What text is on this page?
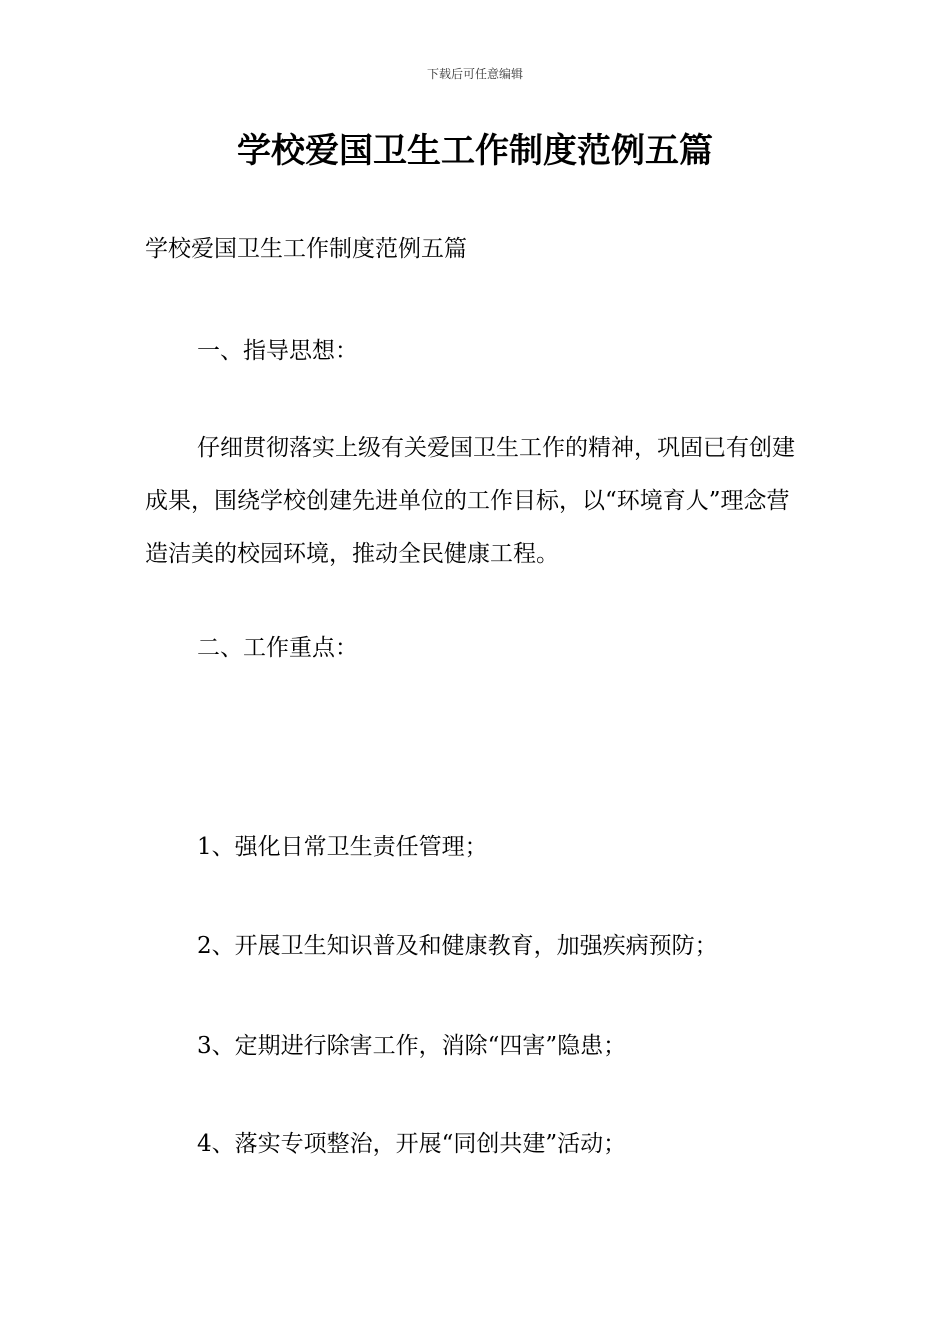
下载后可任意编辑
学校爱国卫生工作制度范例五篇

学校爱国卫生工作制度范例五篇

一、指导思想：

仔细贯彻落实上级有关爱国卫生工作的精神，巩固已有创建成果，围绕学校创建先进单位的工作目标，以“环境育人”理念营造洁美的校园环境，推动全民健康工程。

二、工作重点：

1、强化日常卫生责任管理；

2、开展卫生知识普及和健康教育，加强疾病预防；

3、定期进行除害工作，消除“四害”隐患；

4、落实专项整治，开展“同创共建”活动；
